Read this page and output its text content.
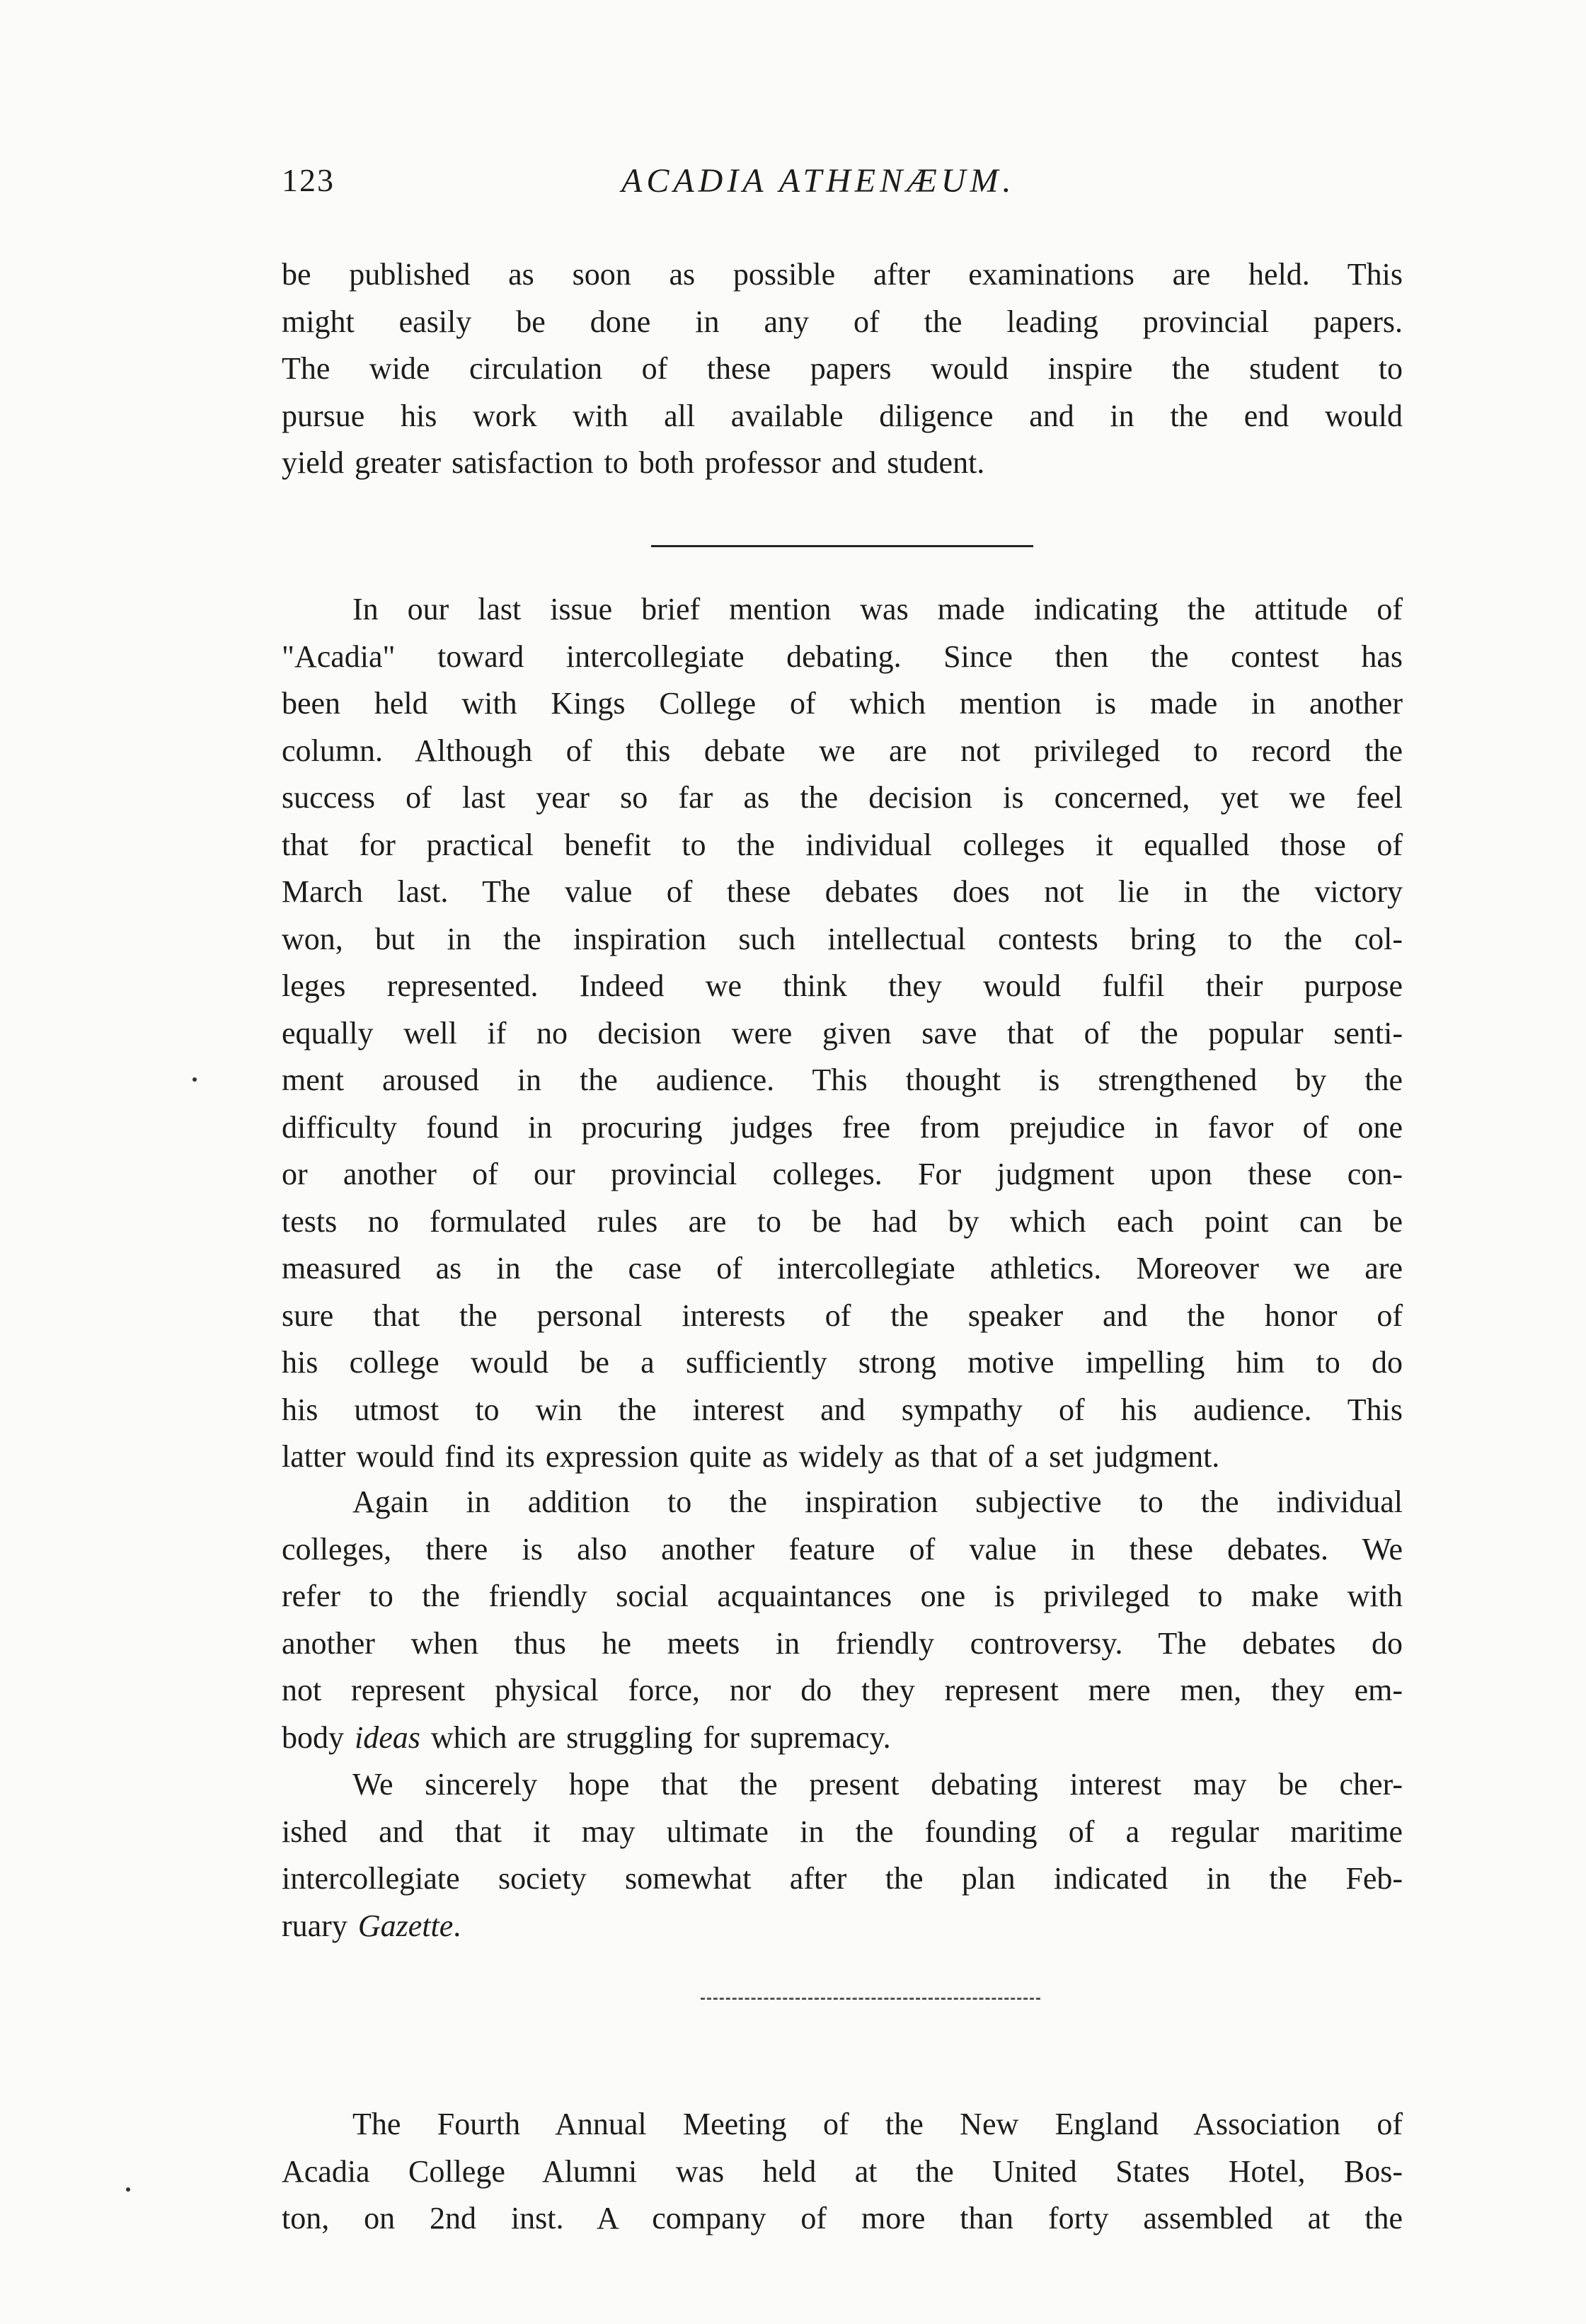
123	ACADIA ATHENÆUM.
be published as soon as possible after examinations are held. This
might easily be done in any of the leading provincial papers.
The wide circulation of these papers would inspire the student to
pursue his work with all available diligence and in the end would
yield greater satisfaction to both professor and student.
In our last issue brief mention was made indicating the attitude of
"Acadia" toward intercollegiate debating. Since then the contest has
been held with Kings College of which mention is made in another
column. Although of this debate we are not privileged to record the
success of last year so far as the decision is concerned, yet we feel
that for practical benefit to the individual colleges it equalled those of
March last. The value of these debates does not lie in the victory
won, but in the inspiration such intellectual contests bring to the col-
leges represented. Indeed we think they would fulfil their purpose
equally well if no decision were given save that of the popular senti-
ment aroused in the audience. This thought is strengthened by the
difficulty found in procuring judges free from prejudice in favor of one
or another of our provincial colleges. For judgment upon these con-
tests no formulated rules are to be had by which each point can be
measured as in the case of intercollegiate athletics. Moreover we are
sure that the personal interests of the speaker and the honor of
his college would be a sufficiently strong motive impelling him to do
his utmost to win the interest and sympathy of his audience. This
latter would find its expression quite as widely as that of a set judgment.
Again in addition to the inspiration subjective to the individual
colleges, there is also another feature of value in these debates. We
refer to the friendly social acquaintances one is privileged to make with
another when thus he meets in friendly controversy. The debates do
not represent physical force, nor do they represent mere men, they em-
body ideas which are struggling for supremacy.
We sincerely hope that the present debating interest may be cher-
ished and that it may ultimate in the founding of a regular maritime
intercollegiate society somewhat after the plan indicated in the Feb-
ruary Gazette.
The Fourth Annual Meeting of the New England Association of
Acadia College Alumni was held at the United States Hotel, Bos-
ton, on 2nd inst. A company of more than forty assembled at the
